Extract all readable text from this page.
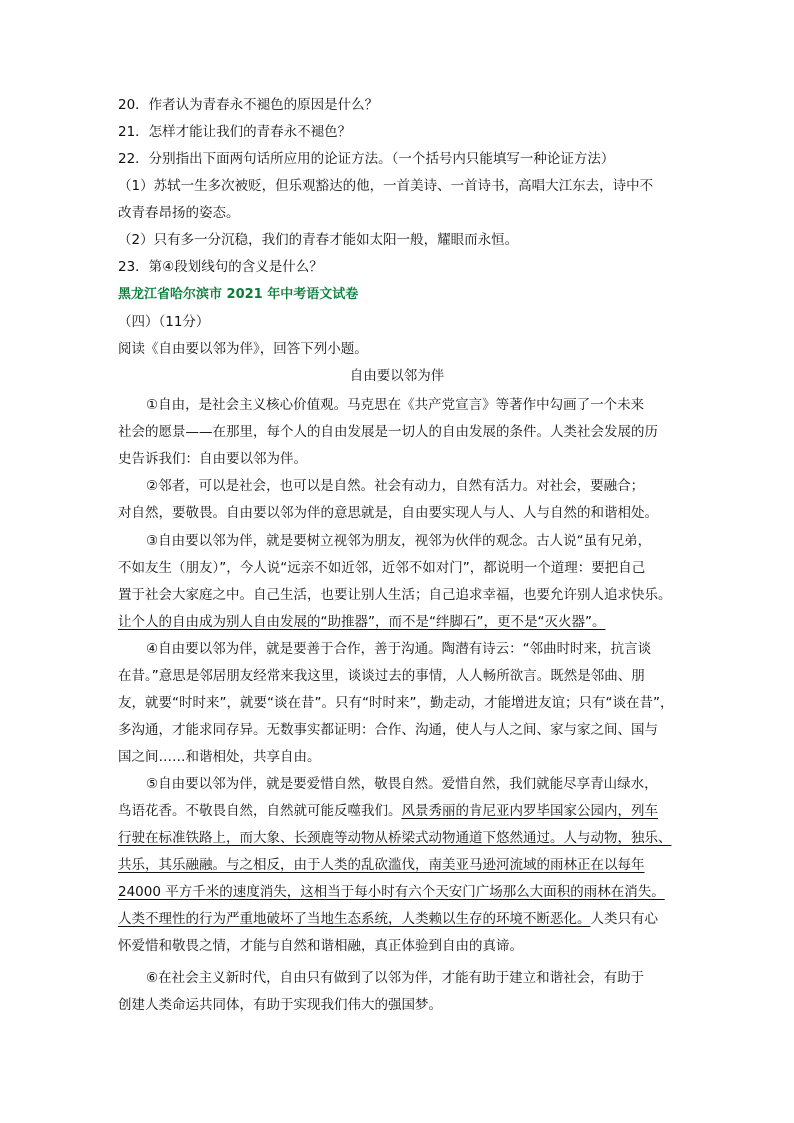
20．作者认为青春永不褪色的原因是什么？
21．怎样才能让我们的青春永不褪色？
22．分别指出下面两句话所应用的论证方法。（一个括号内只能填写一种论证方法）
（1）苏轼一生多次被贬，但乐观豁达的他，一首美诗、一首诗书，高唱大江东去，诗中不
改青春昂扬的姿态。
（2）只有多一分沉稳，我们的青春才能如太阳一般，耀眼而永恒。
23．第④段划线句的含义是什么？
黑龙江省哈尔滨市 2021 年中考语文试卷
（四）（11分）
阅读《自由要以邻为伴》，回答下列小题。
自由要以邻为伴
①自由，是社会主义核心价值观。马克思在《共产党宣言》等著作中勾画了一个未来
社会的愿景——在那里，每个人的自由发展是一切人的自由发展的条件。人类社会发展的历
史告诉我们：自由要以邻为伴。
②邻者，可以是社会，也可以是自然。社会有动力，自然有活力。对社会，要融合；
对自然，要敬畏。自由要以邻为伴的意思就是，自由要实现人与人、人与自然的和谐相处。
③自由要以邻为伴，就是要树立视邻为朋友，视邻为伙伴的观念。古人说“虽有兄弟，
不如友生（朋友）”，今人说“远亲不如近邻，近邻不如对门”，都说明一个道理：要把自己
置于社会大家庭之中。自己生活，也要让别人生活；自己追求幸福，也要允许别人追求快乐。
让个人的自由成为别人自由发展的“助推器”，而不是“绊脚石”，更不是“灭火器”。
④自由要以邻为伴，就是要善于合作，善于沟通。陶潜有诗云：“邻曲时时来，抗言谈
在昔。”意思是邻居朋友经常来我这里，谈谈过去的事情，人人畅所欲言。既然是邻曲、朋
友，就要“时时来”，就要“谈在昔”。只有“时时来”，勤走动，才能增进友谊；只有“谈在昔”，
多沟通，才能求同存异。无数事实都证明：合作、沟通，使人与人之间、家与家之间、国与
国之间……和谐相处，共享自由。
⑤自由要以邻为伴，就是要爱惜自然，敬畏自然。爱惜自然，我们就能尽享青山绿水，
鸟语花香。不敬畏自然，自然就可能反噬我们。风景秀丽的肯尼亚内罗毕国家公园内，列车
行驶在标准铁路上，而大象、长颈鹿等动物从桥梁式动物通道下悠然通过。人与动物，独乐、
共乐，其乐融融。与之相反，由于人类的乱砍滥伐，南美亚马逊河流域的雨林正在以每年
24000 平方千米的速度消失，这相当于每小时有六个天安门广场那么大面积的雨林在消失。
人类不理性的行为严重地破坏了当地生态系统，人类赖以生存的环境不断恶化。人类只有心
怀爱惜和敬畏之情，才能与自然和谐相融，真正体验到自由的真谛。
⑥在社会主义新时代，自由只有做到了以邻为伴，才能有助于建立和谐社会，有助于
创建人类命运共同体，有助于实现我们伟大的强国梦。
